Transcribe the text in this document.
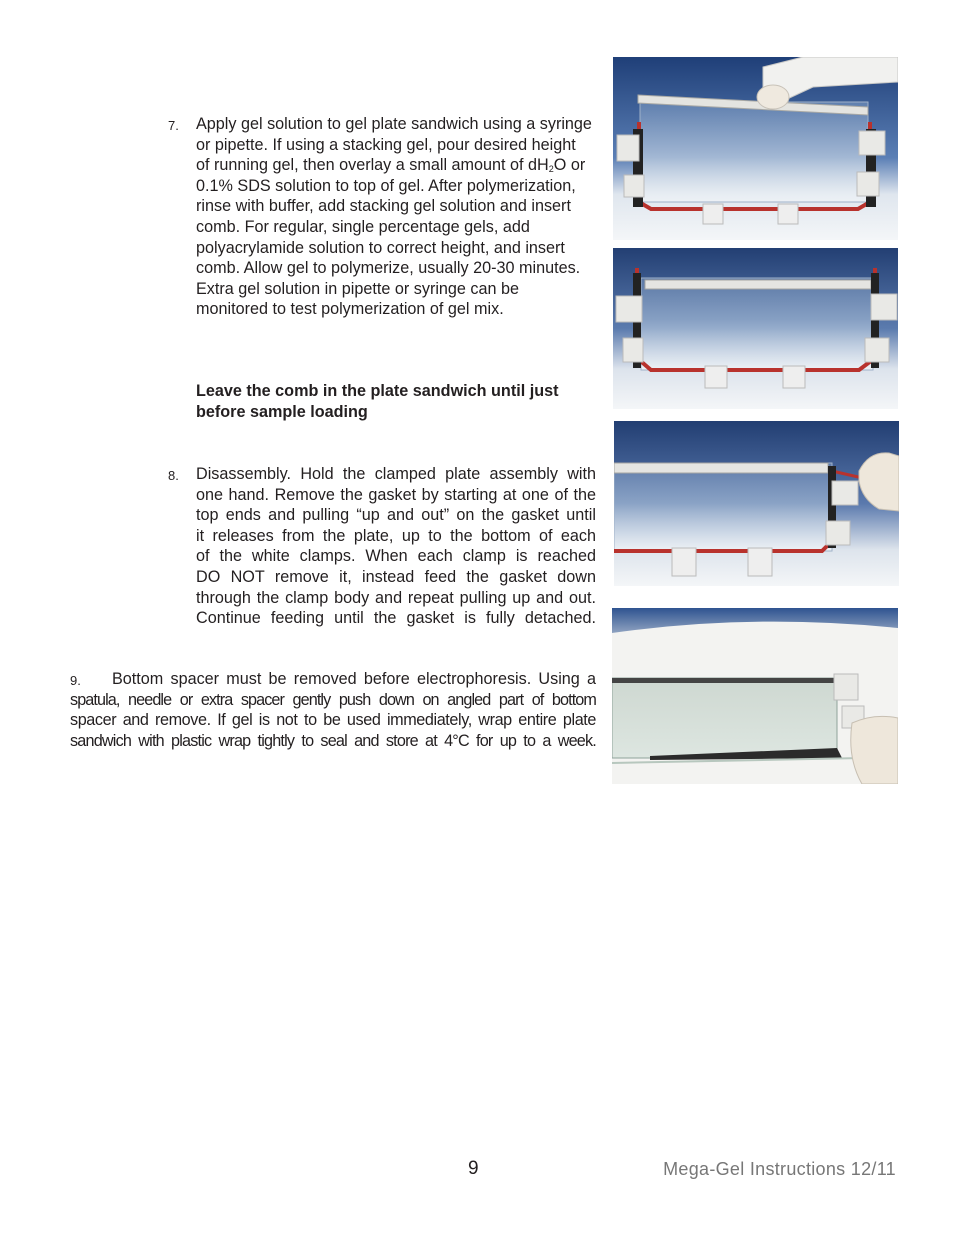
7. Apply gel solution to gel plate sandwich using a syringe or pipette. If using a stacking gel, pour desired height of running gel, then overlay a small amount of $dH_2O$ or 0.1% SDS solution to top of gel. After polymerization, rinse with buffer, add stacking gel solution and insert comb. For regular, single percentage gels, add polyacrylamide solution to correct height, and insert comb. Allow gel to polymerize, usually 20-30 minutes. Extra gel solution in pipette or syringe can be monitored to test polymerization of gel mix.

Leave the comb in the plate sandwich until just before sample loading

8. Disassembly. Hold the clamped plate assembly with
one hand. Remove the gasket by starting at one of the
top ends and pulling “up and out” on the gasket until
it releases from the plate, up to the bottom of each
of the white clamps. When each clamp is reached
DO NOT remove it, instead feed the gasket down
through the clamp body and repeat pulling up and out.
Continue feeding until the gasket is fully detached.
9. Bottom spacer must be removed before electrophoresis. Using a
spatula, needle or extra spacer gently push down on angled part of bottom
spacer and remove. If gel is not to be used immediately, wrap entire plate
sandwich with plastic wrap tightly to seal and store at 4°C for up to a week.
9	Mega-Gel Instructions 12/11
